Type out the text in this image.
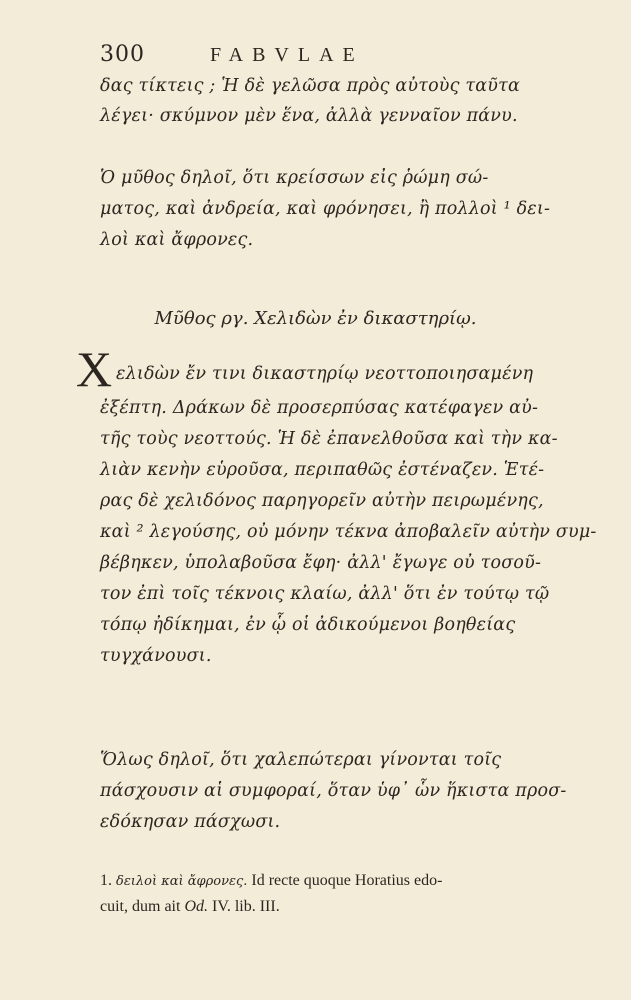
300	FABVLAE
δας τίκτεις ; Ἡ δὲ γελῶσα πρὸς αὐτοὺς ταῦτα
λέγει· σκύμνον μὲν ἕνα, ἀλλὰ γενναῖον πάνυ.
Ὁ μῦθος δηλοῖ, ὅτι κρείσσων εἰς ῥώμη σώ-
ματος, καὶ ἀνδρεία, καὶ φρόνησει, ἢ πολλοὶ ¹ δει-
λοὶ καὶ ἄφρονες.
Μῦθος ργ. Χελιδὼν ἐν δικαστηρίῳ.
Χ ελιδὼν ἔν τινι δικαστηρίῳ νεοττοποιησαμένη
ἐξέπτη. Δράκων δὲ προσερπύσας κατέφαγεν αὐ-
τῆς τοὺς νεοττούς. Ἡ δὲ ἐπανελθοῦσα καὶ τὴν κα-
λιὰν κενὴν εὑροῦσα, περιπαθῶς ἐστέναζεν. Ἑτέ-
ρας δὲ χελιδόνος παρηγορεῖν αὐτὴν πειρωμένης,
καὶ ² λεγούσης, οὐ μόνην τέκνα ἀποβαλεῖν αὐτὴν συμ-
βέβηκεν, ὑπολαβοῦσα ἔφη· ἀλλ' ἔγωγε οὐ τοσοῦ-
τον ἐπὶ τοῖς τέκνοις κλαίω, ἀλλ' ὅτι ἐν τούτῳ τῷ
τόπῳ ἠδίκημαι, ἐν ᾧ οἱ ἀδικούμενοι βοηθείας
τυγχάνουσι.
Ὅλως δηλοῖ, ὅτι χαλεπώτεραι γίνονται τοῖς
πάσχουσιν αἱ συμφοραί, ὅταν ὑφ᾽ ὧν ἥκιστα προσ-
εδόκησαν πάσχωσι.
1. δειλοὶ καὶ ἄφρονες. Id recte quoque Horatius edo-
cuit, dum ait Od. IV. lib. III.
